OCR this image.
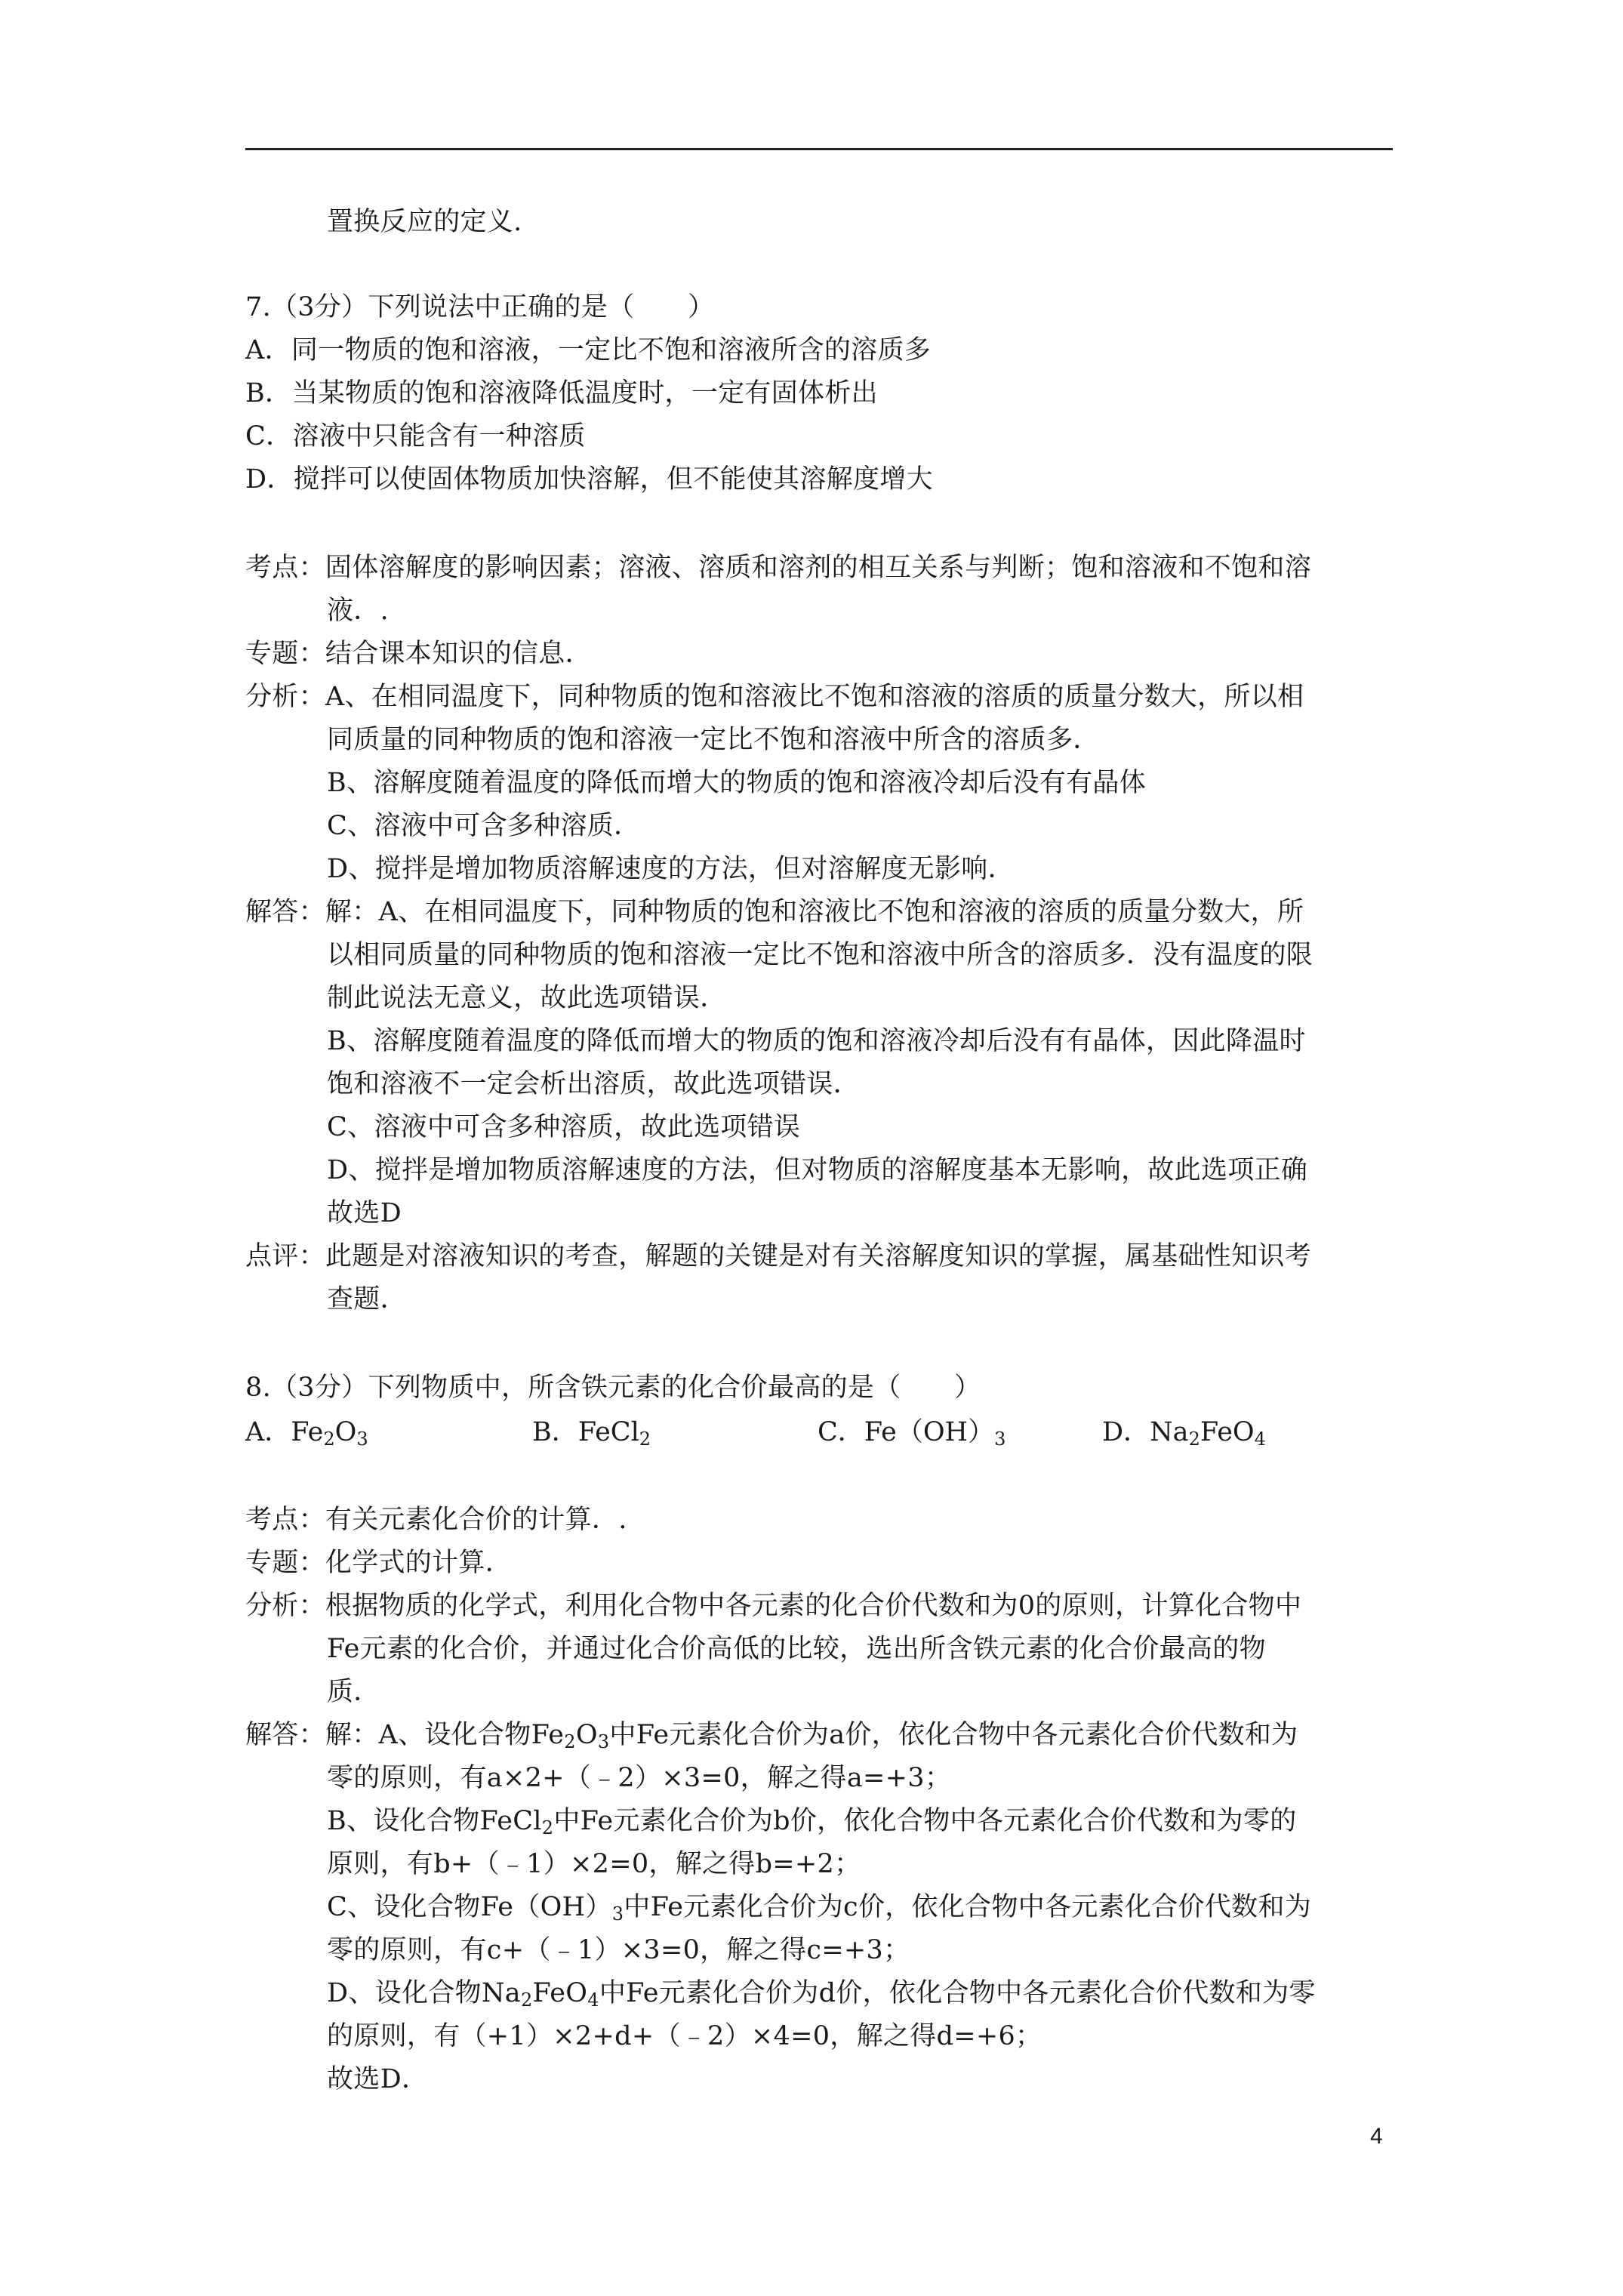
置换反应的定义.
7.（3分）下列说法中正确的是（　　）
A．同一物质的饱和溶液，一定比不饱和溶液所含的溶质多
B．当某物质的饱和溶液降低温度时，一定有固体析出
C．溶液中只能含有一种溶质
D．搅拌可以使固体物质加快溶解，但不能使其溶解度增大
考点：固体溶解度的影响因素；溶液、溶质和溶剂的相互关系与判断；饱和溶液和不饱和溶
液．.
专题：结合课本知识的信息．
分析：A、在相同温度下，同种物质的饱和溶液比不饱和溶液的溶质的质量分数大，所以相
同质量的同种物质的饱和溶液一定比不饱和溶液中所含的溶质多．
B、溶解度随着温度的降低而增大的物质的饱和溶液冷却后没有有晶体
C、溶液中可含多种溶质．
D、搅拌是增加物质溶解速度的方法，但对溶解度无影响．
解答：解：A、在相同温度下，同种物质的饱和溶液比不饱和溶液的溶质的质量分数大，所
以相同质量的同种物质的饱和溶液一定比不饱和溶液中所含的溶质多．没有温度的限
制此说法无意义，故此选项错误．
B、溶解度随着温度的降低而增大的物质的饱和溶液冷却后没有有晶体，因此降温时
饱和溶液不一定会析出溶质，故此选项错误．
C、溶液中可含多种溶质，故此选项错误
D、搅拌是增加物质溶解速度的方法，但对物质的溶解度基本无影响，故此选项正确
故选D
点评：此题是对溶液知识的考查，解题的关键是对有关溶解度知识的掌握，属基础性知识考
查题．
8.（3分）下列物质中，所含铁元素的化合价最高的是（　　）
A．$Fe_2O_3$	B．FeCl$_2$	C．$Fe(OH)_3$	D．$Na_2FeO_4$
考点：有关元素化合价的计算．.
专题：化学式的计算．
分析：根据物质的化学式，利用化合物中各元素的化合价代数和为0的原则，计算化合物中
Fe元素的化合价，并通过化合价高低的比较，选出所含铁元素的化合价最高的物
质．
解答：解：A、设化合物$Fe_2O_3$中Fe元素化合价为a价，依化合物中各元素化合价代数和为
零的原则，有a×2+（﹣2）×3=0，解之得a=+3；
B、设化合物FeCl$_2$中Fe元素化合价为b价，依化合物中各元素化合价代数和为零的
原则，有b+（﹣1）×2=0，解之得b=+2；
C、设化合物$Fe(OH)_3$中Fe元素化合价为c价，依化合物中各元素化合价代数和为
零的原则，有c+（﹣1）×3=0，解之得c=+3；
D、设化合物$Na_2FeO_4$中Fe元素化合价为d价，依化合物中各元素化合价代数和为零
的原则，有（+1）×2+d+（﹣2）×4=0，解之得d=+6；
故选D．
4
